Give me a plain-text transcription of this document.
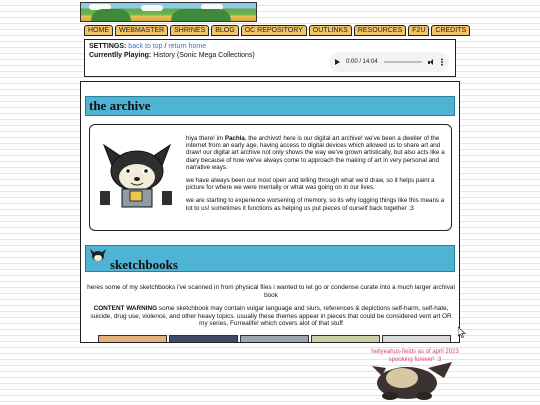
HOME	WEBMASTER	SHRINES	BLOG	OC REPOSITORY	OUTLINKS	RESOURCES	F2U	CREDITS
SETTINGS: back to top / return home
Currentlly Playing: History (Sonic Mega Collections)
0:00 / 14:04
the archive

hiya there! im Pachla, the archivst! here is our digital art archive! we've been a dweller of the internet from an early age, having access to digital devices which allowed us to share art and draw! our digital art archive not only shows the way we've grown artistically, but also acts like a diary because of how we've always come to approach the making of art in very personal and narrative ways.

we have always been our most open and telling through what we'd draw, so it helps paint a picture for where we were mentally or what was going on in our lives.

we are starting to experience worsening of memory, so its why logging things like this means a lot to us! sometimes it functions as helping us put pieces of ourself back together :3

sketchbooks
heres some of my sketchbooks i've scanned in from physical files i wanted to let go or condense curate into a much larger archival book
CONTENT WARNING some sketchbook may contain vulgar language and slurs, references & depictions self-harm, self-hate, suicide, drug use, violence, and other heavy topics. usually these themes appear in pieces that could be considered vent art OR my series, Furrealife! which covers alot of that stuff
hellyeahus-fields as of april 2023
spooking furever! :3
